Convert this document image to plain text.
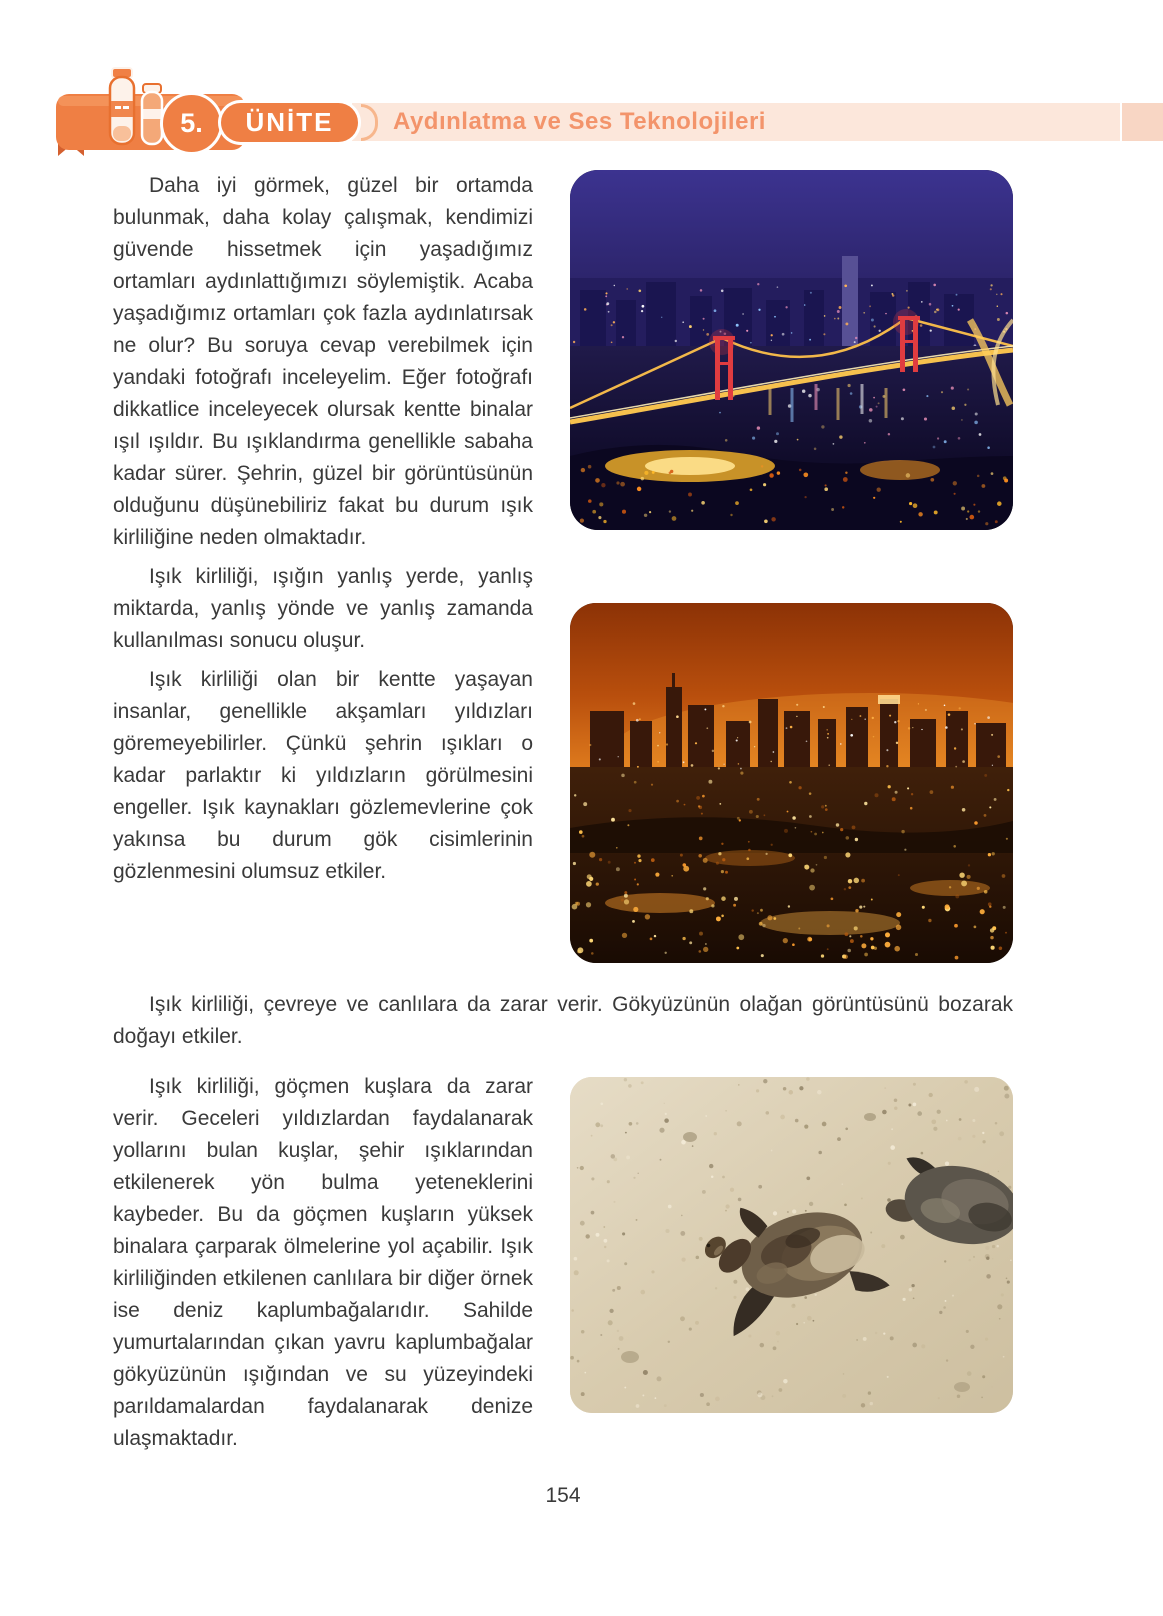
5. ÜNİTE Aydınlatma ve Ses Teknolojileri

Daha iyi görmek, güzel bir ortamda bulunmak, daha kolay çalışmak, kendimizi güvende hissetmek için yaşadığımız ortamları aydınlattığımızı söylemiştik. Acaba yaşadığımız ortamları çok fazla aydınlatırsak ne olur? Bu soruya cevap verebilmek için yandaki fotoğrafı inceleyelim. Eğer fotoğrafı dikkatlice inceleyecek olursak kentte binalar ışıl ışıldır. Bu ışıklandırma genellikle sabaha kadar sürer. Şehrin, güzel bir görüntüsünün olduğunu düşünebiliriz fakat bu durum ışık kirliliğine neden olmaktadır.

Işık kirliliği, ışığın yanlış yerde, yanlış miktarda, yanlış yönde ve yanlış zamanda kullanılması sonucu oluşur.

Işık kirliliği olan bir kentte yaşayan insanlar, genellikle akşamları yıldızları göremeyebilirler. Çünkü şehrin ışıkları o kadar parlaktır ki yıldızların görülmesini engeller. Işık kaynakları gözlemevlerine çok yakınsa bu durum gök cisimlerinin gözlenmesini olumsuz etkiler.

Işık kirliliği, çevreye ve canlılara da zarar verir. Gökyüzünün olağan görüntüsünü bozarak doğayı etkiler.

Işık kirliliği, göçmen kuşlara da zarar verir. Geceleri yıldızlardan faydalanarak yollarını bulan kuşlar, şehir ışıklarından etkilenerek yön bulma yeteneklerini kaybeder. Bu da göçmen kuşların yüksek binalara çarparak ölmelerine yol açabilir. Işık kirliliğinden etkilenen canlılara bir diğer örnek ise deniz kaplumbağalarıdır. Sahilde yumurtalarından çıkan yavru kaplumbağalar gökyüzünün ışığından ve su yüzeyindeki parıldamalardan faydalanarak denize ulaşmaktadır.

154
